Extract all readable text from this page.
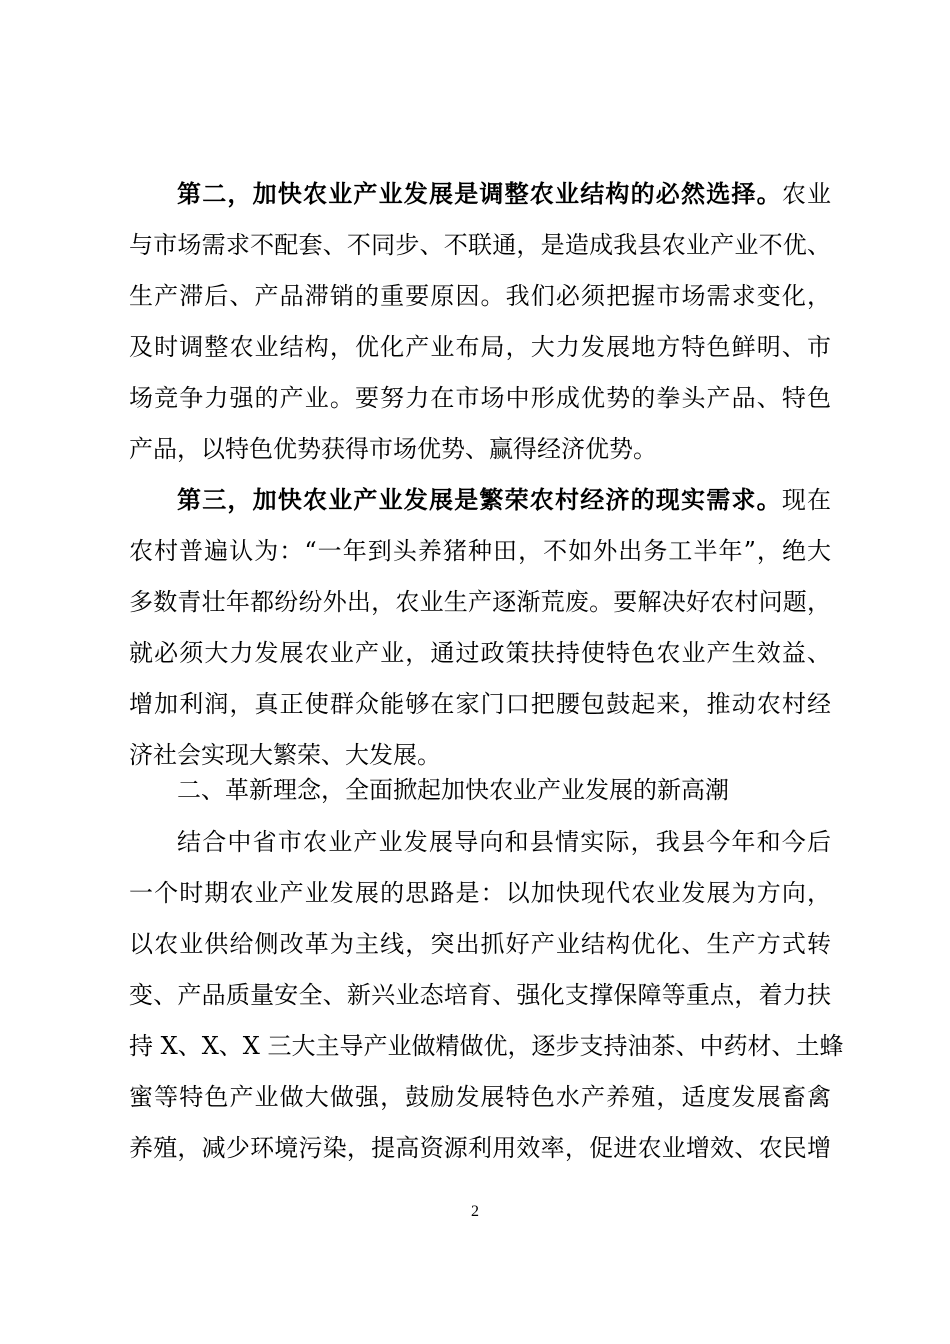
第二，加快农业产业发展是调整农业结构的必然选择。农业
与市场需求不配套、不同步、不联通，是造成我县农业产业不优、
生产滞后、产品滞销的重要原因。我们必须把握市场需求变化，
及时调整农业结构，优化产业布局，大力发展地方特色鲜明、市
场竞争力强的产业。要努力在市场中形成优势的拳头产品、特色
产品，以特色优势获得市场优势、赢得经济优势。
第三，加快农业产业发展是繁荣农村经济的现实需求。现在
农村普遍认为：“一年到头养猪种田，不如外出务工半年”，绝大
多数青壮年都纷纷外出，农业生产逐渐荒废。要解决好农村问题，
就必须大力发展农业产业，通过政策扶持使特色农业产生效益、
增加利润，真正使群众能够在家门口把腰包鼓起来，推动农村经
济社会实现大繁荣、大发展。
二、革新理念，全面掀起加快农业产业发展的新高潮
结合中省市农业产业发展导向和县情实际，我县今年和今后
一个时期农业产业发展的思路是：以加快现代农业发展为方向，
以农业供给侧改革为主线，突出抓好产业结构优化、生产方式转
变、产品质量安全、新兴业态培育、强化支撑保障等重点，着力扶
持 X、X、X 三大主导产业做精做优，逐步支持油茶、中药材、土蜂
蜜等特色产业做大做强，鼓励发展特色水产养殖，适度发展畜禽
养殖，减少环境污染，提高资源利用效率，促进农业增效、农民增
2
